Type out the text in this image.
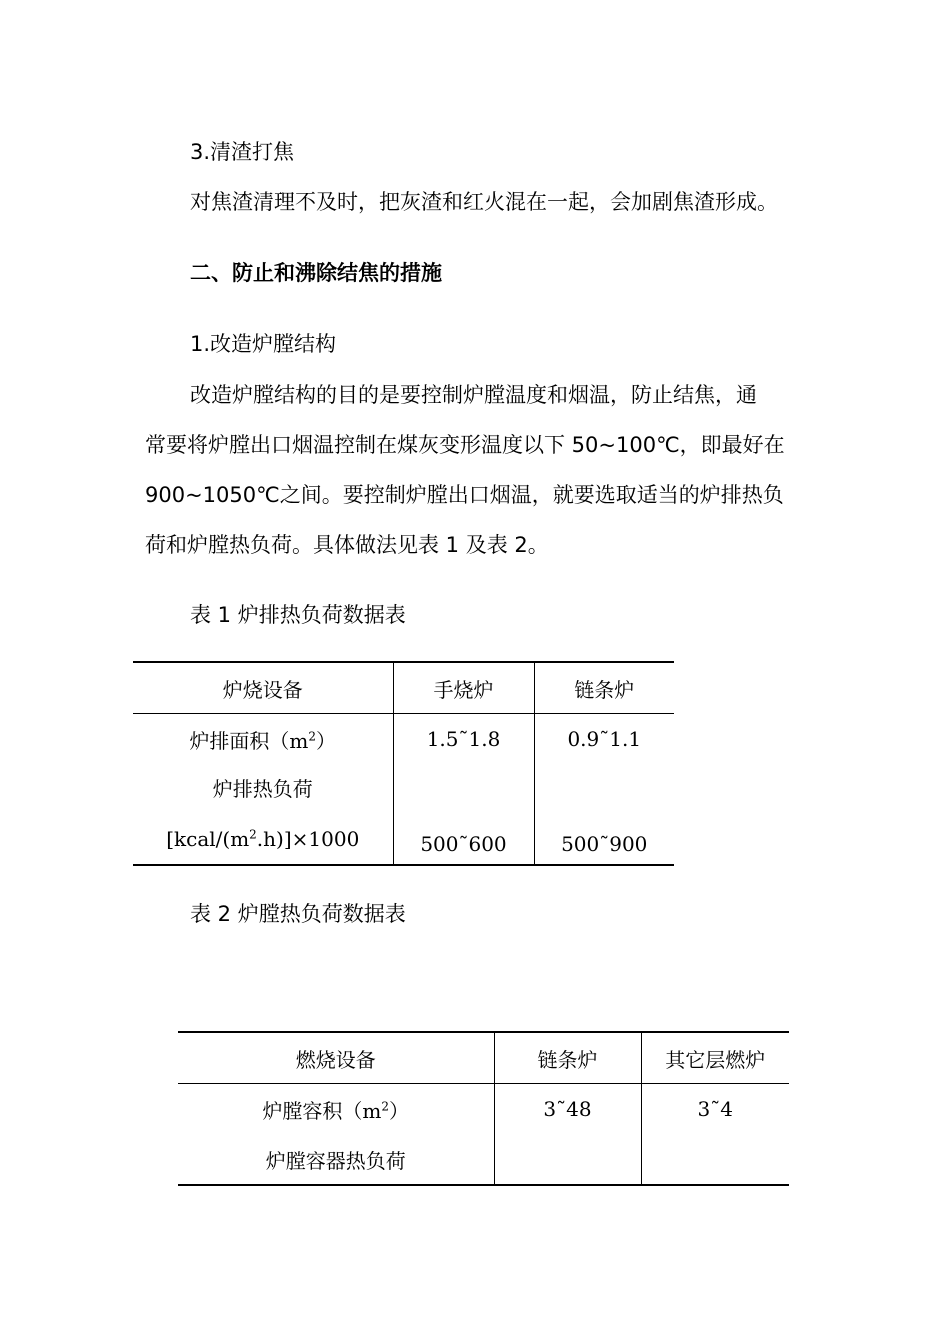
3.清渣打焦
对焦渣清理不及时，把灰渣和红火混在一起，会加剧焦渣形成。
二、防止和沸除结焦的措施
1.改造炉膛结构
改造炉膛结构的目的是要控制炉膛温度和烟温，防止结焦，通
常要将炉膛出口烟温控制在煤灰变形温度以下 50~100℃，即最好在
900~1050℃之间。要控制炉膛出口烟温，就要选取适当的炉排热负
荷和炉膛热负荷。具体做法见表 1 及表 2。
表 1 炉排热负荷数据表
炉烧设备	手烧炉	链条炉
炉排面积$(m^2)$	1.5˜1.8	0.9˜1.1

炉排热负荷
$[kcal/(m^2.h)]\times 1000$	500˜600	500˜900
表 2 炉膛热负荷数据表
燃烧设备	链条炉	其它层燃炉
炉膛容积$(m^2)$	3˜48	3˜4
炉膛容器热负荷		
